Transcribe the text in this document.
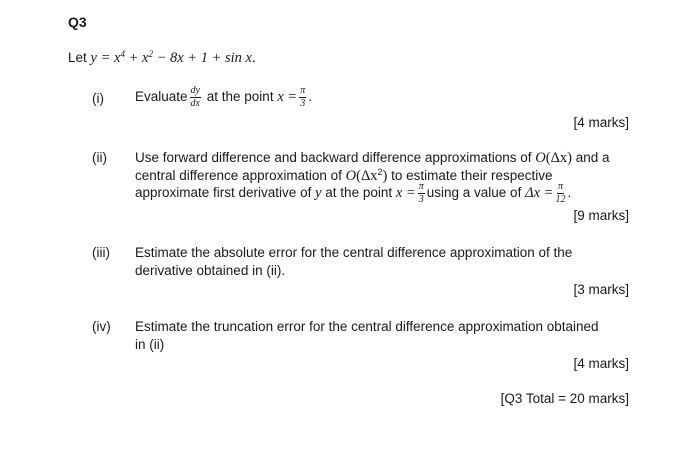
Q3
Let $y = x^4 + x^2 - 8x + 1 + \sin x$.
(i) Evaluate $\frac{dy}{dx}$ at the point $x = \frac{\pi}{3}$ .
[4 marks]
(ii) Use forward difference and backward difference approximations of O(Δx) and a
central difference approximation of $O(\Delta x^2)$ to estimate their respective
approximate first derivative of y at the point $x = \frac{\pi}{3}$ using a value of $\Delta x = \frac{\pi}{12}$ .
[9 marks]
(iii) Estimate the absolute error for the central difference approximation of the
derivative obtained in (ii).
[3 marks]
(iv) Estimate the truncation error for the central difference approximation obtained
in (ii)
[4 marks]
[Q3 Total = 20 marks]
